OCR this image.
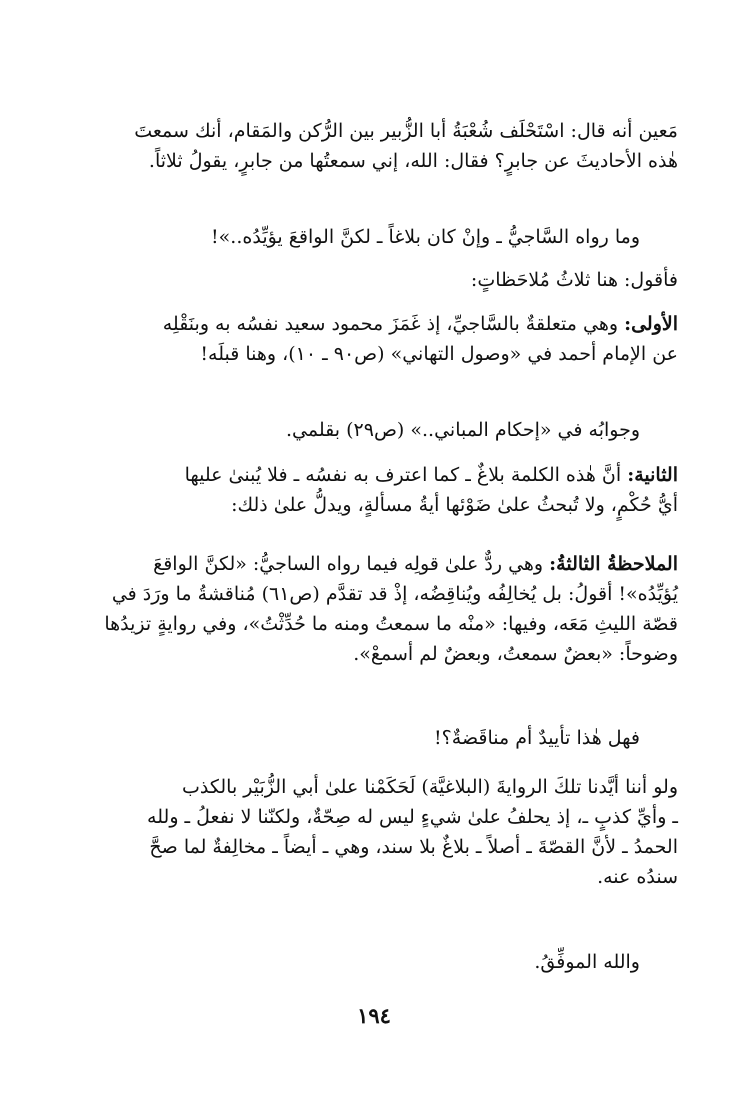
مَعين أنه قال: اسْتَحْلَف شُعْبَةُ أبا الزُّبير بين الرُّكن والمَقام، أنك سمعتَ
هٰذه الأحاديثَ عن جابرٍ؟ فقال: الله، إني سمعتُها من جابرٍ، يقولُ ثلاثاً.
وما رواه السَّاجيُّ ـ وإنْ كان بلاغاً ـ لكنَّ الواقعَ يؤيِّدُه..»!
فأقول: هنا ثلاثُ مُلاحَظاتٍ:
الأولى: وهي متعلقةٌ بالسَّاجيِّ، إذ غَمَزَ محمود سعيد نفسُه به وبنَقْلِه
عن الإمام أحمد في «وصول التهاني» (ص٩٠ ـ ١٠)، وهنا قبلَه!
وجوابُه في «إحكام المباني..» (ص٢٩) بقلمي.
الثانية: أنَّ هٰذه الكلمة بلاغٌ ـ كما اعترف به نفسُه ـ فلا يُبنىٰ عليها
أيُّ حُكْمٍ، ولا تُبحثُ علىٰ ضَوْئها أيةُ مسألةٍ، ويدلُّ علىٰ ذلك:
الملاحظةُ الثالثةُ: وهي ردٌّ علىٰ قولِه فيما رواه الساجيُّ: «لكنَّ الواقعَ
يُؤيِّدُه»! أقولُ: بل يُخالِفُه ويُناقِضُه، إذْ قد تقدَّم (ص٦١) مُناقشةُ ما ورَدَ في
قصّة الليثِ مَعَه، وفيها: «منْه ما سمعتُ ومنه ما حُدِّثْتُ»، وفي روايةٍ تزيدُها
وضوحاً: «بعضٌ سمعتُ، وبعضٌ لم أسمعْ».
فهل هٰذا تأييدٌ أم مناقَضةٌ؟!
ولو أننا أيَّدنا تلكَ الروايةَ (البلاغيَّة) لَحَكَمْنا علىٰ أبي الزُّبَيْر بالكذب
ـ وأيِّ كذبٍ ـ، إذ يحلفُ علىٰ شيءٍ ليس له صِحّةٌ، ولكنّنا لا نفعلُ ـ ولله
الحمدُ ـ لأنَّ القصّةَ ـ أصلاً ـ بلاغٌ بلا سند، وهي ـ أيضاً ـ مخالِفةٌ لما صحَّ
سندُه عنه.
والله الموفِّقُ.
١٩٤
